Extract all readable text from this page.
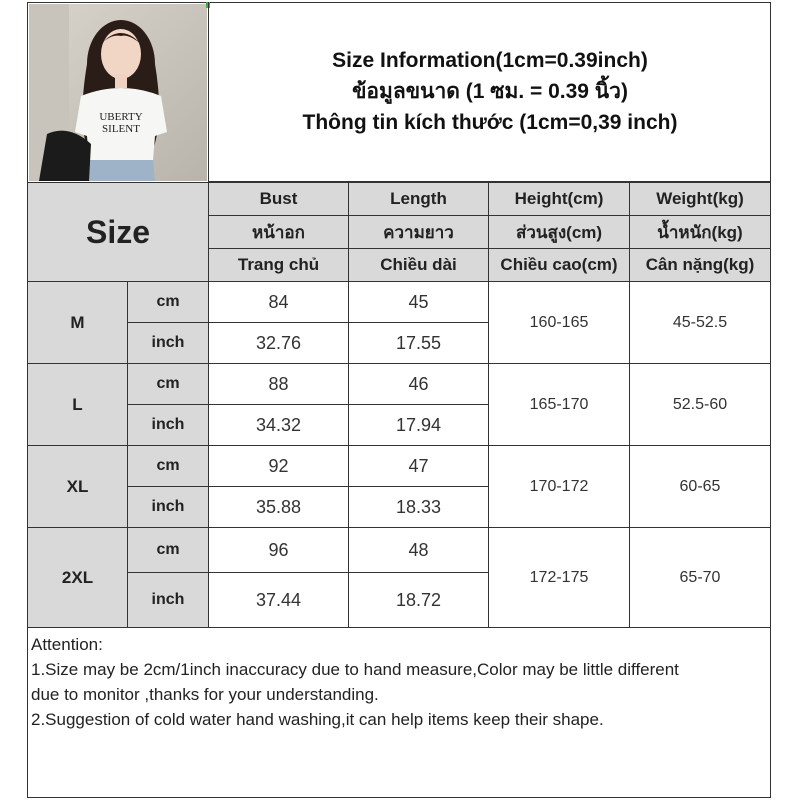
UBERTY
SILENT
Size Information(1cm=0.39inch)
ข้อมูลขนาด (1 ซม. = 0.39 นิ้ว)
Thông tin kích thước (1cm=0,39 inch)
Size		Bust	Length	Height(cm)	Weight(kg)
		หน้าอก	ความยาว	ส่วนสูง(cm)	น้ำหนัก(kg)
		Trang chủ	Chiều dài	Chiều cao(cm)	Cân nặng(kg)
M	cm	84	45	160-165	45-52.5
	inch	32.76	17.55		
L	cm	88	46	165-170	52.5-60
	inch	34.32	17.94		
XL	cm	92	47	170-172	60-65
	inch	35.88	18.33		
2XL	cm	96	48	172-175	65-70
	inch	37.44	18.72		
Attention:
1.Size may be 2cm/1inch inaccuracy due to hand measure,Color may be little different
due to monitor ,thanks for your understanding.
2.Suggestion of cold water hand washing,it can help items keep their shape.
